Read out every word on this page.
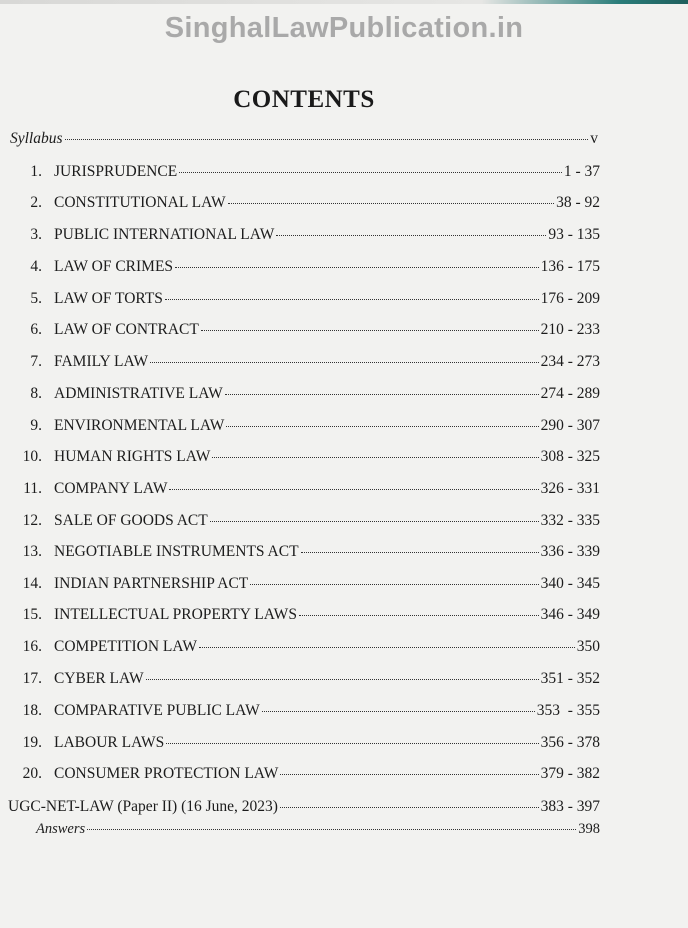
SinghalLawPublication.in
CONTENTS
Syllabus	v
1. JURISPRUDENCE	1 - 37
2. CONSTITUTIONAL LAW	38 - 92
3. PUBLIC INTERNATIONAL LAW	93 - 135
4. LAW OF CRIMES	136 - 175
5. LAW OF TORTS	176 - 209
6. LAW OF CONTRACT	210 - 233
7. FAMILY LAW	234 - 273
8. ADMINISTRATIVE LAW	274 - 289
9. ENVIRONMENTAL LAW	290 - 307
10. HUMAN RIGHTS LAW	308 - 325
11. COMPANY LAW	326 - 331
12. SALE OF GOODS ACT	332 - 335
13. NEGOTIABLE INSTRUMENTS ACT	336 - 339
14. INDIAN PARTNERSHIP ACT	340 - 345
15. INTELLECTUAL PROPERTY LAWS	346 - 349
16. COMPETITION LAW	350
17. CYBER LAW	351 - 352
18. COMPARATIVE PUBLIC LAW	353  - 355
19. LABOUR LAWS	356 - 378
20. CONSUMER PROTECTION LAW	379 - 382
UGC-NET-LAW (Paper II) (16 June, 2023)	383 - 397
Answers	398
